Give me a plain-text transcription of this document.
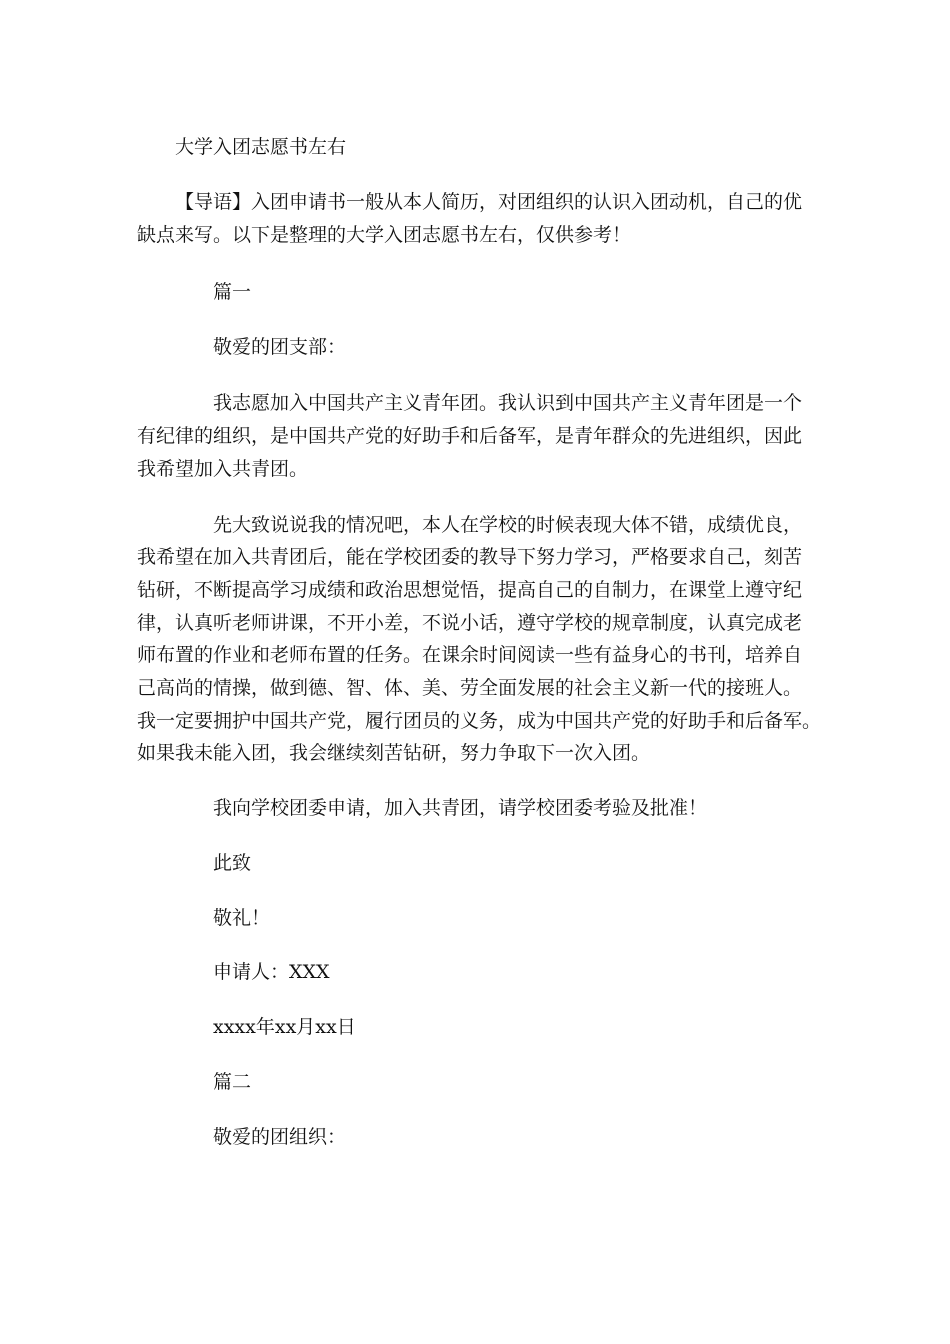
大学入团志愿书左右
【导语】入团申请书一般从本人简历，对团组织的认识入团动机，自己的优
缺点来写。以下是整理的大学入团志愿书左右，仅供参考！
篇一
敬爱的团支部：
我志愿加入中国共产主义青年团。我认识到中国共产主义青年团是一个
有纪律的组织，是中国共产党的好助手和后备军，是青年群众的先进组织，因此
我希望加入共青团。
先大致说说我的情况吧，本人在学校的时候表现大体不错，成绩优良，
我希望在加入共青团后，能在学校团委的教导下努力学习，严格要求自己，刻苦
钻研，不断提高学习成绩和政治思想觉悟，提高自己的自制力，在课堂上遵守纪
律，认真听老师讲课，不开小差，不说小话，遵守学校的规章制度，认真完成老
师布置的作业和老师布置的任务。在课余时间阅读一些有益身心的书刊，培养自
己高尚的情操，做到德、智、体、美、劳全面发展的社会主义新一代的接班人。
我一定要拥护中国共产党，履行团员的义务，成为中国共产党的好助手和后备军。
如果我未能入团，我会继续刻苦钻研，努力争取下一次入团。
我向学校团委申请，加入共青团，请学校团委考验及批准！
此致
敬礼！
申请人：XXX
xxxx年xx月xx日
篇二
敬爱的团组织：
